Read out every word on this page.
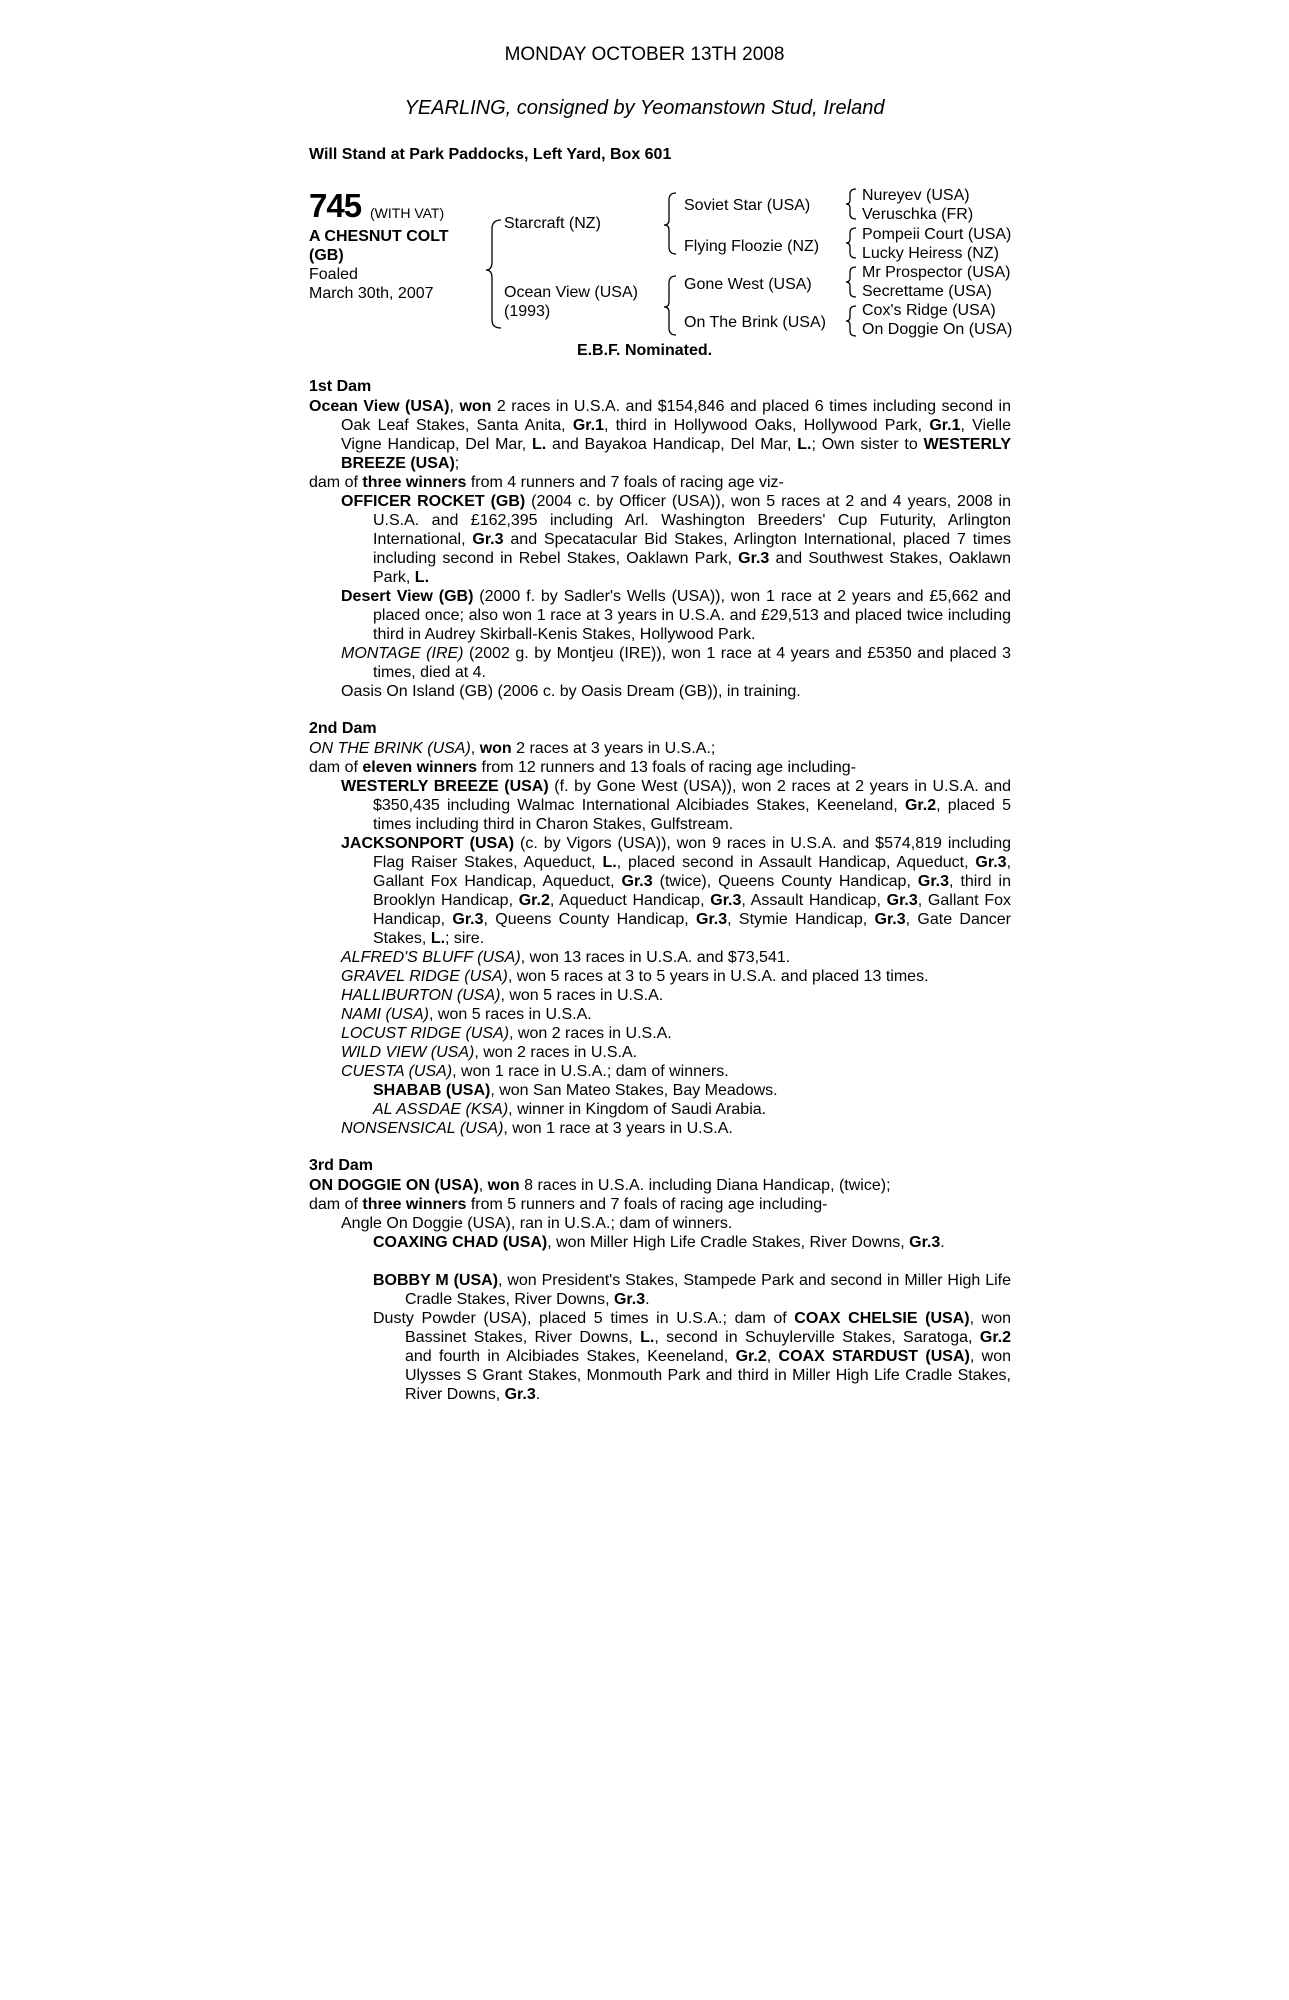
MONDAY OCTOBER 13TH 2008
YEARLING, consigned by Yeomanstown Stud, Ireland
Will Stand at Park Paddocks, Left Yard, Box 601
745 (WITH VAT)
A CHESNUT COLT
(GB)
Foaled
March 30th, 2007
Starcraft (NZ)
Ocean View (USA)
(1993)
Soviet Star (USA)
Flying Floozie (NZ)
Gone West (USA)
On The Brink (USA)
Nureyev (USA)
Veruschka (FR)
Pompeii Court (USA)
Lucky Heiress (NZ)
Mr Prospector (USA)
Secrettame (USA)
Cox's Ridge (USA)
On Doggie On (USA)
E.B.F. Nominated.
1st Dam
Ocean View (USA), won 2 races in U.S.A. and $154,846 and placed 6 times including second in Oak Leaf Stakes, Santa Anita, Gr.1, third in Hollywood Oaks, Hollywood Park, Gr.1, Vielle Vigne Handicap, Del Mar, L. and Bayakoa Handicap, Del Mar, L.; Own sister to WESTERLY BREEZE (USA);
dam of three winners from 4 runners and 7 foals of racing age viz-
OFFICER ROCKET (GB) (2004 c. by Officer (USA)), won 5 races at 2 and 4 years, 2008 in U.S.A. and £162,395 including Arl. Washington Breeders' Cup Futurity, Arlington International, Gr.3 and Specatacular Bid Stakes, Arlington International, placed 7 times including second in Rebel Stakes, Oaklawn Park, Gr.3 and Southwest Stakes, Oaklawn Park, L.
Desert View (GB) (2000 f. by Sadler's Wells (USA)), won 1 race at 2 years and £5,662 and placed once; also won 1 race at 3 years in U.S.A. and £29,513 and placed twice including third in Audrey Skirball-Kenis Stakes, Hollywood Park.
MONTAGE (IRE) (2002 g. by Montjeu (IRE)), won 1 race at 4 years and £5350 and placed 3 times, died at 4.
Oasis On Island (GB) (2006 c. by Oasis Dream (GB)), in training.
2nd Dam
ON THE BRINK (USA), won 2 races at 3 years in U.S.A.;
dam of eleven winners from 12 runners and 13 foals of racing age including-
WESTERLY BREEZE (USA) (f. by Gone West (USA)), won 2 races at 2 years in U.S.A. and $350,435 including Walmac International Alcibiades Stakes, Keeneland, Gr.2, placed 5 times including third in Charon Stakes, Gulfstream.
JACKSONPORT (USA) (c. by Vigors (USA)), won 9 races in U.S.A. and $574,819 including Flag Raiser Stakes, Aqueduct, L., placed second in Assault Handicap, Aqueduct, Gr.3, Gallant Fox Handicap, Aqueduct, Gr.3 (twice), Queens County Handicap, Gr.3, third in Brooklyn Handicap, Gr.2, Aqueduct Handicap, Gr.3, Assault Handicap, Gr.3, Gallant Fox Handicap, Gr.3, Queens County Handicap, Gr.3, Stymie Handicap, Gr.3, Gate Dancer Stakes, L.; sire.
ALFRED'S BLUFF (USA), won 13 races in U.S.A. and $73,541.
GRAVEL RIDGE (USA), won 5 races at 3 to 5 years in U.S.A. and placed 13 times.
HALLIBURTON (USA), won 5 races in U.S.A.
NAMI (USA), won 5 races in U.S.A.
LOCUST RIDGE (USA), won 2 races in U.S.A.
WILD VIEW (USA), won 2 races in U.S.A.
CUESTA (USA), won 1 race in U.S.A.; dam of winners.
SHABAB (USA), won San Mateo Stakes, Bay Meadows.
AL ASSDAE (KSA), winner in Kingdom of Saudi Arabia.
NONSENSICAL (USA), won 1 race at 3 years in U.S.A.
3rd Dam
ON DOGGIE ON (USA), won 8 races in U.S.A. including Diana Handicap, (twice);
dam of three winners from 5 runners and 7 foals of racing age including-
Angle On Doggie (USA), ran in U.S.A.; dam of winners.
COAXING CHAD (USA), won Miller High Life Cradle Stakes, River Downs, Gr.3.
BOBBY M (USA), won President's Stakes, Stampede Park and second in Miller High Life Cradle Stakes, River Downs, Gr.3.
Dusty Powder (USA), placed 5 times in U.S.A.; dam of COAX CHELSIE (USA), won Bassinet Stakes, River Downs, L., second in Schuylerville Stakes, Saratoga, Gr.2 and fourth in Alcibiades Stakes, Keeneland, Gr.2, COAX STARDUST (USA), won Ulysses S Grant Stakes, Monmouth Park and third in Miller High Life Cradle Stakes, River Downs, Gr.3.
